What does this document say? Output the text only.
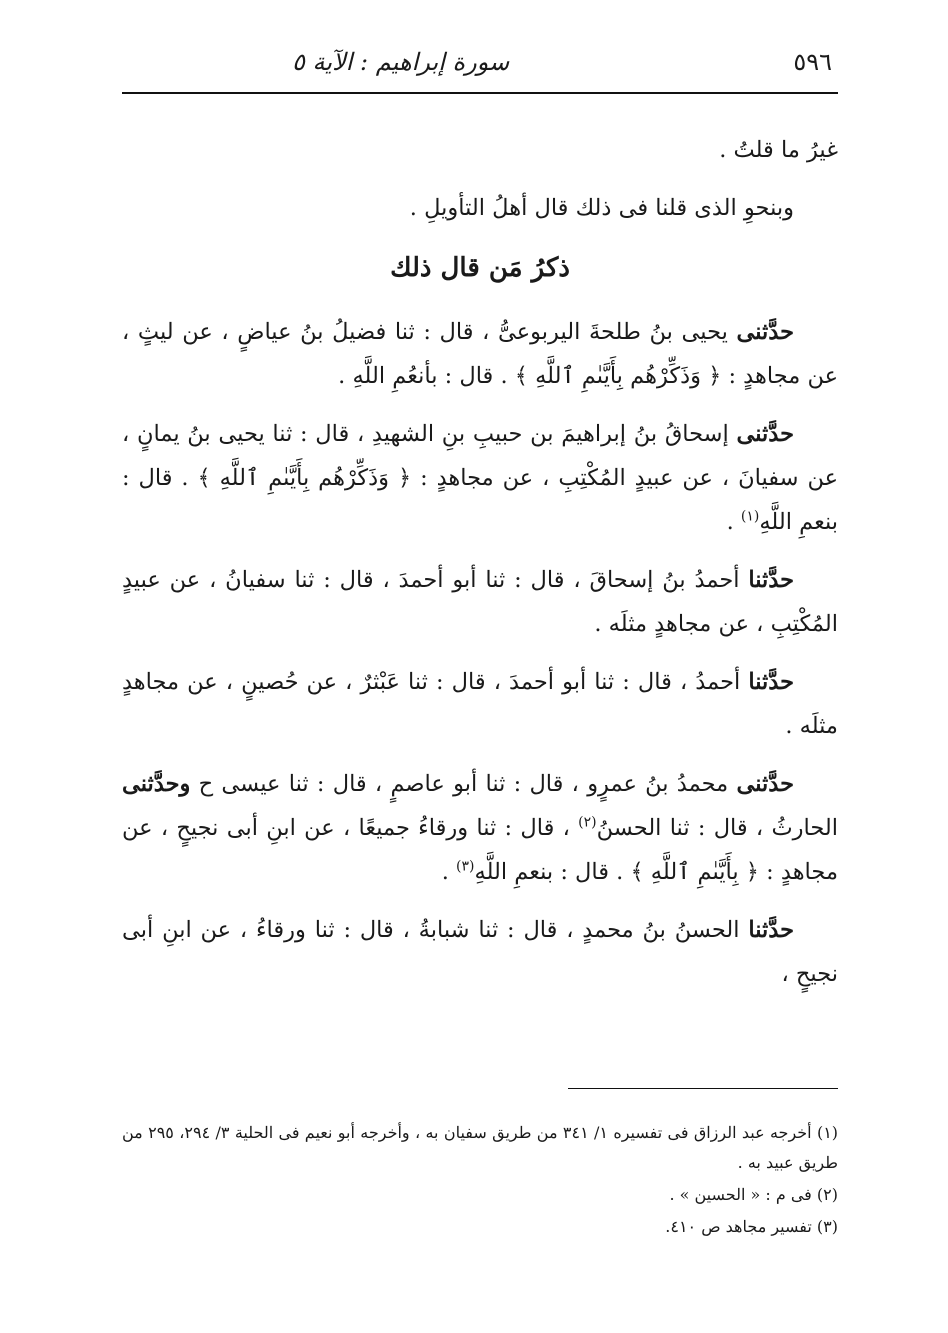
٥٩٦
سورة إبراهيم : الآية ٥

غيرُ ما قلتُ .

وبنحوِ الذى قلنا فى ذلك قال أهلُ التأويلِ .

ذكرُ مَن قال ذلك

حدَّثنى يحيى بنُ طلحةَ اليربوعىُّ ، قال : ثنا فضيلُ بنُ عياضٍ ، عن ليثٍ ، عن مجاهدٍ : ﴿ وَذَكِّرْهُم بِأَيَّىٰمِ ٱللَّهِ ﴾ . قال : بأنعُمِ اللَّهِ .

حدَّثنى إسحاقُ بنُ إبراهيمَ بن حبيبِ بنِ الشهيدِ ، قال : ثنا يحيى بنُ يمانٍ ، عن سفيانَ ، عن عبيدٍ المُكْتِبِ ، عن مجاهدٍ : ﴿ وَذَكِّرْهُم بِأَيَّىٰمِ ٱللَّهِ ﴾ . قال : بنعمِ اللَّهِ$^{(١)}$ .

حدَّثنا أحمدُ بنُ إسحاقَ ، قال : ثنا أبو أحمدَ ، قال : ثنا سفيانُ ، عن عبيدٍ المُكْتِبِ ، عن مجاهدٍ مثلَه .

حدَّثنا أحمدُ ، قال : ثنا أبو أحمدَ ، قال : ثنا عَبْثرٌ ، عن حُصينٍ ، عن مجاهدٍ مثلَه .

حدَّثنى محمدُ بنُ عمرٍو ، قال : ثنا أبو عاصمٍ ، قال : ثنا عيسى ح وحدَّثنى الحارثُ ، قال : ثنا الحسنُ$^{(٢)}$ ، قال : ثنا ورقاءُ جميعًا ، عن ابنِ أبى نجيحٍ ، عن مجاهدٍ : ﴿ بِأَيَّىٰمِ ٱللَّهِ ﴾ . قال : بنعمِ اللَّهِ$^{(٣)}$ .

حدَّثنا الحسنُ بنُ محمدٍ ، قال : ثنا شبابةُ ، قال : ثنا ورقاءُ ، عن ابنِ أبى نجيحٍ ،

(١) أخرجه عبد الرزاق فى تفسيره ١/ ٣٤١ من طريق سفيان به ، وأخرجه أبو نعيم فى الحلية ٣/ ٢٩٤، ٢٩٥ من طريق عبيد به .

(٢) فى م : « الحسين » .

(٣) تفسير مجاهد ص ٤١٠.
